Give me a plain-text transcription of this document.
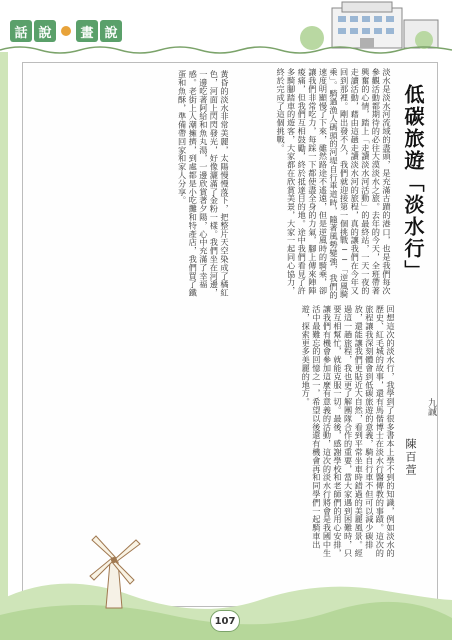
話 說	畫 說
低碳旅遊「淡水行」
九誠
陳百萱
淡水是淡水河流域的盡頭，是充滿古蹟的港口，也是我們每次參觀活動都期待的必往大漠淡水之旅。去年的今天，全班帶著興奮的心情，踏上「走讀淡水河活動」的最終站，一天一夜的走讀活動，藉由這趟走讀淡水河的旅程，真的讓我們在今年又回到那裡。剛出發不久，我們就迎接第一個挑戰──「逆風騎乘」。騎過漁人碼頭的河堤自行車道時，隨著風勢變強，我們的速度明顯慢了下來，雖然路途不遙遠，但是逆風時的騎乘，卻讓我們非常吃力，每踩一下都使盡全身的力氣，腳上傳來陣陣痠痛，但我們互相鼓勵，終於抵達目的地。途中我們看見了許多騎腳踏車的遊客，大家都在欣賞美景，大家一起同心協力，終於完成了這個挑戰。
黃昏的淡水非常美麗，太陽慢慢落下，把整片天空染成了橘紅色，河面上閃閃發光，好像灑滿了金粉一樣。我們坐在河邊，一邊吃著阿給和魚丸湯，一邊欣賞著夕陽，心中充滿了幸福感。老街上人潮擁擠，到處都是小吃攤和特產店，我們買了鐵蛋和魚酥，準備帶回家和家人分享。
回想這次的淡水行，我學到了很多書本上學不到的知識，例如淡水的歷史、紅毛城的故事，還有馬偕博士在淡水行醫傳教的事蹟。這次的旅程讓我深刻體會到低碳旅遊的意義，騎自行車不但可以減少碳排放，還能讓我們更貼近大自然，看到平常坐車時錯過的美麗風景。經過這一趟旅程，我也更了解團隊合作的重要，當大家遇到困難時，只要互相幫忙，就能克服一切。最後，感謝學校和老師們的用心安排，讓我們有機會參加這麼有意義的活動，這次的淡水行將會是我國中生活中最難忘的回憶之一，希望以後還有機會再和同學們一起騎車出遊，探索更多美麗的地方。
107
